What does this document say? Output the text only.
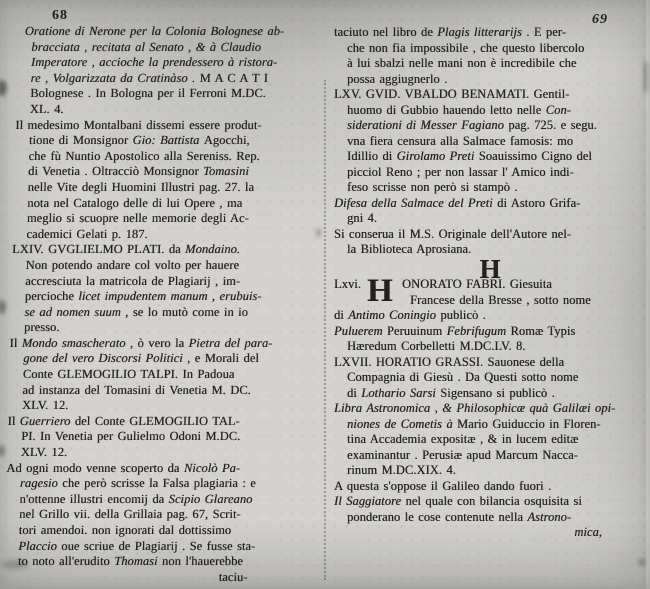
68	69
Oratione di Nerone per la Colonia Bolognese ab-
bracciata , recitata al Senato , & à Claudio
Imperatore , accioche la prendessero à ristora-
re , Volgarizzata da Cratinàso . M A C A T I
Bolognese . In Bologna per il Ferroni M.DC.
XL. 4.
Il medesimo Montalbani dissemi essere produt-
tione di Monsignor Gio: Battista Agocchi,
che fù Nuntio Apostolico alla Sereniss. Rep.
di Venetia . Oltracciò Monsignor Tomasini
nelle Vite degli Huomini Illustri pag. 27. la
nota nel Catalogo delle di lui Opere , ma
meglio si scuopre nelle memorie degli Ac-
cademici Gelati p. 187.
LXIV. GVGLIELMO PLATI. da Mondaino.
Non potendo andare col volto per hauere
accresciuta la matricola de Plagiarij , im-
percioche licet impudentem manum , erubuis-
se ad nomen suum , se lo mutò come in io
presso.
Il Mondo smascherato , ò vero la Pietra del para-
gone del vero Discorsi Politici , e Morali del
Conte GLEMOGILIO TALPI. In Padoua
ad instanza del Tomasini di Venetia M. DC.
XLV. 12.
Il Guerriero del Conte GLEMOGILIO TAL-
PI. In Venetia per Gulielmo Odoni M.DC.
XLV. 12.
Ad ogni modo venne scoperto da Nicolò Pa-
ragesio che però scrisse la Falsa plagiaria : e
n'ottenne illustri encomij da Scipio Glareano
nel Grillo vii. della Grillaia pag. 67, Scrit-
tori amendoi. non ignorati dal dottissimo
Placcio oue scriue de Plagiarij . Se fusse sta-
to noto all'erudito Thomasi non l'hauerebbe
taciu-
taciuto nel libro de Plagis litterarijs . E per-
che non fia impossibile , che questo libercolo
à lui sbalzi nelle mani non è incredibile che
possa aggiugnerlo .
LXV. GVID. VBALDO BENAMATI. Gentil-
huomo di Gubbio hauendo letto nelle Con-
siderationi di Messer Fagiano pag. 725. e segu.
vna fiera censura alla Salmace famosis: mo
Idillio di Girolamo Preti Soauissimo Cigno del
picciol Reno ; per non lassar l' Amico indi-
feso scrisse non però si stampò .
Difesa della Salmace del Preti di Astoro Grifa-
gni 4.
Si conserua il M.S. Originale dell'Autore nel-
la Biblioteca Aprosiana.
H
Lxvi. H ONORATO FABRI. Giesuita
Francese della Bresse , sotto nome
di Antimo Coningio publicò .
Puluerem Peruuinum Febrifugum Romæ Typis
Hæredum Corbelletti M.DC.LV. 8.
LXVII. HORATIO GRASSI. Sauonese della
Compagnia di Giesù . Da Questi sotto nome
di Lothario Sarsi Sigensano si publicò .
Libra Astronomica , & Philosophicæ quà Galilæi opi-
niones de Cometis à Mario Guiduccio in Floren-
tina Accademia expositæ , & in lucem editæ
examinantur . Perusiæ apud Marcum Nacca-
rinum M.DC.XIX. 4.
A questa s'oppose il Galileo dando fuori .
Il Saggiatore nel quale con bilancia osquisita si
ponderano le cose contenute nella Astrono-
mica,
